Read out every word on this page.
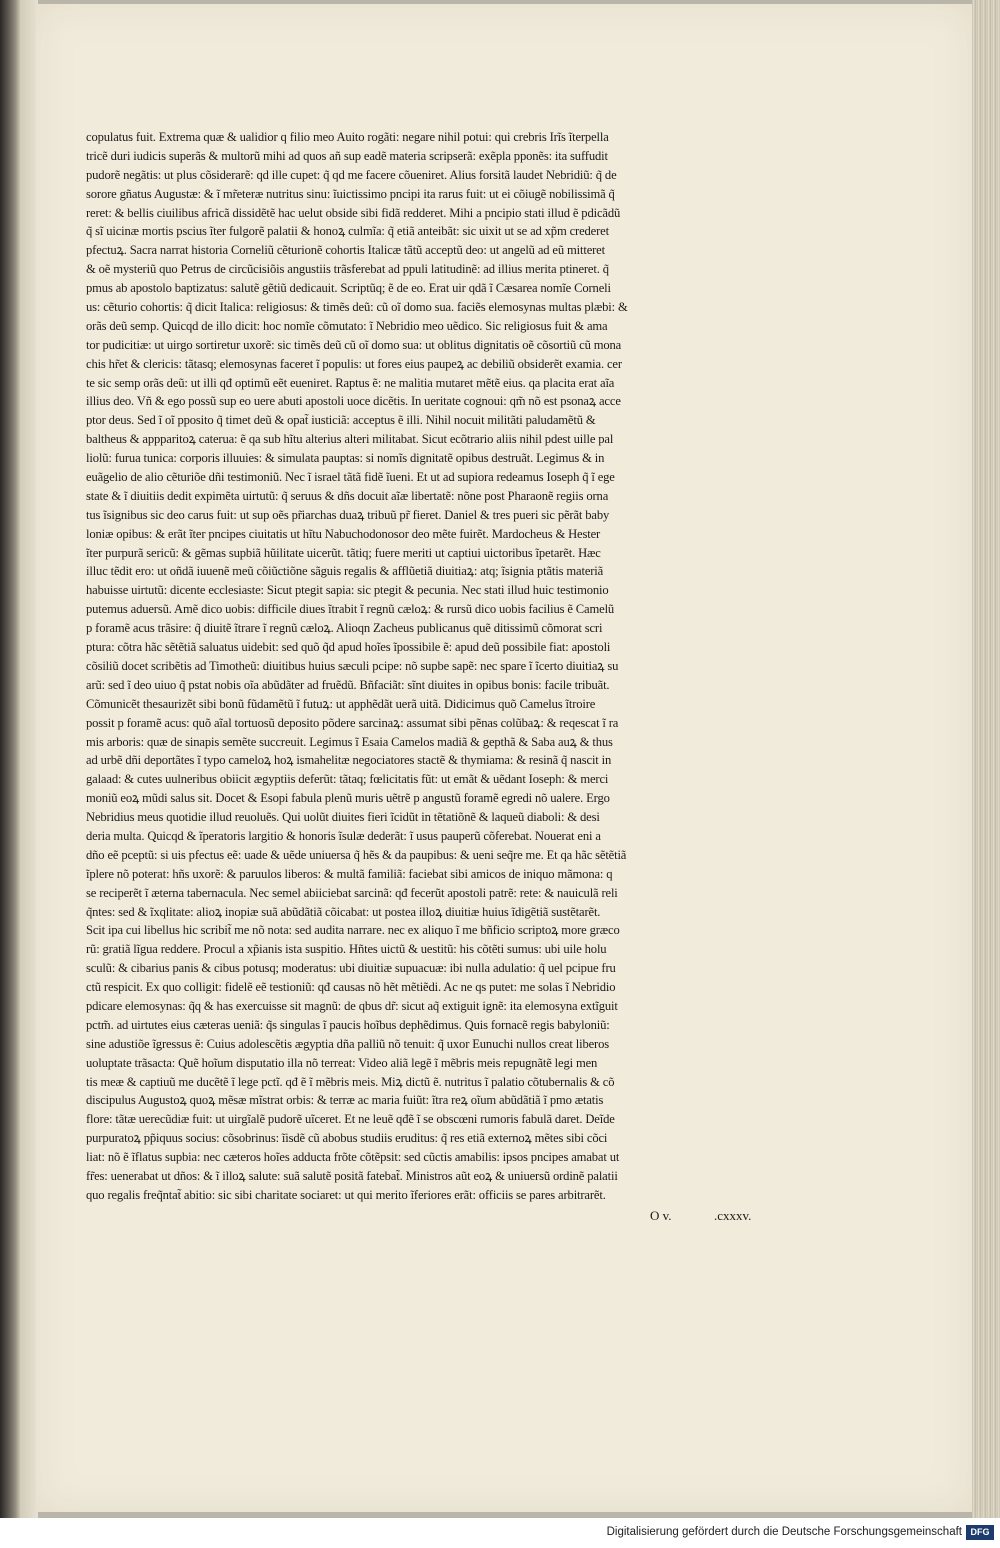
copulatus fuit. Extrema quæ & ualidior q filio meo Auito rogãti: negare nihil potui: qui crebris Irĩs ĩterpella
tricẽ duri iudicis superãs & multorũ mihi ad quos añ sup eadẽ materia scripserã: exẽpla pponẽs: ita suffudit
pudorẽ negãtis: ut plus cõsiderarẽ: qd ille cupet: q̃ qd me facere cõueniret. Alius forsitã laudet Nebridiũ: q̃ de
sorore gñatus Augustæ: & ĩ mr̃eteræ nutritus sinu: ĩuictissimo pncipi ita rarus fuit: ut ei cõiugẽ nobilissimã q̃
reret: & bellis ciuilibus africã dissidẽtẽ hac uelut obside sibi fidã redderet. Mihi a pncipio stati illud ẽ pdicãdũ
q̃ sĩ uicinæ mortis pscius ĩter fulgorẽ palatii & honoꝝ culmĩa: q̃ etiã anteibãt: sic uixit ut se ad xp̃m crederet
pfectuꝝ. Sacra narrat historia Corneliũ cẽturionẽ cohortis Italicæ tãtũ acceptũ deo: ut angelũ ad eũ mitteret
& oẽ mysteriũ quo Petrus de circũcisiõis angustiis trãsferebat ad ppuli latitudinẽ: ad illius merita ptineret. q̃
pmus ab apostolo baptizatus: salutẽ gẽtiũ dedicauit. Scriptũq; ẽ de eo. Erat uir qdã ĩ Cæsarea nomĩe Corneli
us: cẽturio cohortis: q̃ dicit Italica: religiosus: & timẽs deũ: cũ oĩ domo sua. faciẽs elemosynas multas plæbi: &
orãs deũ semp. Quicqd de illo dicit: hoc nomĩe cõmutato: ĩ Nebridio meo uẽdico. Sic religiosus fuit & ama
tor pudicitiæ: ut uirgo sortiretur uxorẽ: sic timẽs deũ cũ oĩ domo sua: ut oblitus dignitatis oẽ cõsortiũ cũ mona
chis hr̃et & clericis: tãtasq; elemosynas faceret ĩ populis: ut fores eius paupeꝝ ac debiliũ obsiderẽt examia. cer
te sic semp orãs deũ: ut illi qđ optimũ eẽt eueniret. Raptus ẽ: ne malitia mutaret mẽtẽ eius. qa placita erat aĩa
illius deo. Vñ & ego possũ sup eo uere abuti apostoli uoce dicẽtis. In ueritate cognoui: qm̃ nõ est psonaꝝ acce
ptor deus. Sed ĩ oĩ pposito q̃ timet deũ & opat̃ iusticiã: acceptus ẽ illi. Nihil nocuit militãti paludamẽtũ &
baltheus & appparitoꝝ caterua: ẽ qa sub hĩtu alterius alteri militabat. Sicut ecõtrario aliis nihil pdest uille pal
liolũ: furua tunica: corporis illuuies: & simulata pauptas: si nomĩs dignitatẽ opibus destruãt. Legimus & in
euãgelio de alio cẽturiõe dñi testimoniũ. Nec ĩ israel tãtã fidẽ ĩueni. Et ut ad supiora redeamus Ioseph q̃ ĩ ege
state & ĩ diuitiis dedit expimẽta uirtutũ: q̃ seruus & dñs docuit aĩæ libertatẽ: nõne post Pharaonẽ regiis orna
tus ĩsignibus sic deo carus fuit: ut sup oẽs pr̃iarchas duaꝝ tribuũ pr̃ fieret. Daniel & tres pueri sic pẽrãt baby
loniæ opibus: & erãt ĩter pncipes ciuitatis ut hĩtu Nabuchodonosor deo mẽte fuirẽt. Mardocheus & Hester
ĩter purpurã sericũ: & gẽmas supbiã hũilitate uicerũt. tãtiq; fuere meriti ut captiui uictoribus ĩpetarẽt. Hæc
illuc tẽdit ero: ut oñdã iuuenẽ meũ cõiũctiõne sãguis regalis & afflũetiã diuitiaꝝ: atq; ĩsignia ptãtis materiã
habuisse uirtutũ: dicente ecclesiaste: Sicut ptegit sapia: sic ptegit & pecunia. Nec stati illud huic testimonio
putemus aduersũ. Amẽ dico uobis: difficile diues ĩtrabit ĩ regnũ cæloꝝ: & rursũ dico uobis facilius ẽ Camelũ
p foramẽ acus trãsire: q̃ diuitẽ ĩtrare ĩ regnũ cæloꝝ. Alioqn Zacheus publicanus quẽ ditissimũ cõmorat scri
ptura: cõtra hãc sẽtẽtiã saluatus uidebit: sed quõ q̃d apud hoĩes ĩpossibile ẽ: apud deũ possibile fiat: apostoli
cõsiliũ docet scribẽtis ad Timotheũ: diuitibus huius sæculi pcipe: nõ supbe sapẽ: nec spare ĩ ĩcerto diuitiaꝝ su
arũ: sed ĩ deo uiuo q̃ pstat nobis oĩa abũdãter ad fruẽdũ. Bñfaciãt: sĩnt diuites in opibus bonis: facile tribuãt.
Cõmunicẽt thesaurizẽt sibi bonũ fũdamẽtũ ĩ futuꝝ: ut apphẽdãt uerã uitã. Didicimus quõ Camelus ĩtroire
possit p foramẽ acus: quõ aĩal tortuosũ deposito põdere sarcinaꝝ: assumat sibi pẽnas colũbaꝝ: & reqescat ĩ ra
mis arboris: quæ de sinapis semẽte succreuit. Legimus ĩ Esaia Camelos madiã & gepthã & Saba auꝝ & thus
ad urbẽ dñi deportãtes ĩ typo cameloꝝ hoꝝ ismahelitæ negociatores stactẽ & thymiama: & resinã q̃ nascit in
galaad: & cutes uulneribus obiicit ægyptiis deferũt: tãtaq; fœlicitatis fũt: ut emãt & uẽdant Ioseph: & merci
moniũ eoꝝ mũdi salus sit. Docet & Esopi fabula plenũ muris uẽtrẽ p angustũ foramẽ egredi nõ ualere. Ergo
Nebridius meus quotidie illud reuoluẽs. Qui uolũt diuites fieri ĩcidũt in tẽtatiõnẽ & laqueũ diaboli: & desi
deria multa. Quicqd & ĩperatoris largitio & honoris ĩsulæ dederãt: ĩ usus pauperũ cõferebat. Nouerat eni a
dño eẽ pceptũ: si uis pfectus eẽ: uade & uẽde uniuersa q̃ hẽs & da paupibus: & ueni seq̃re me. Et qa hãc sẽtẽtiã
ĩplere nõ poterat: hñs uxorẽ: & paruulos liberos: & multã familiã: faciebat sibi amicos de iniquo mãmona: q
se reciperẽt ĩ æterna tabernacula. Nec semel abiiciebat sarcinã: qđ fecerũt apostoli patrẽ: rete: & nauiculã reli
q̃ntes: sed & ĩxqlitate: alioꝝ inopiæ suã abũdãtiã cõicabat: ut postea illoꝝ diuitiæ huius ĩdigẽtiã sustẽtarẽt.
Scit ipa cui libellus hic scribit̃ me nõ nota: sed audita narrare. nec ex aliquo ĩ me bñficio scriptoꝝ more græco
rũ: gratiã lĩgua reddere. Procul a xp̃ianis ista suspitio. Hñtes uictũ & uestitũ: his cõtẽti sumus: ubi uile holu
sculũ: & cibarius panis & cibus potusq; moderatus: ubi diuitiæ supuacuæ: ibi nulla adulatio: q̃ uel pcipue fru
ctũ respicit. Ex quo colligit: fidelẽ eẽ testioniũ: qđ causas nõ hẽt mẽtiẽdi. Ac ne qs putet: me solas ĩ Nebridio
pdicare elemosynas: q̃q & has exercuisse sit magnũ: de qbus dr̃: sicut aq̃ extiguit ignẽ: ita elemosyna extĩguit
pctm̃. ad uirtutes eius cæteras ueniã: q̃s singulas ĩ paucis hoĩbus dephẽdimus. Quis fornacẽ regis babyloniũ:
sine adustiõe ĩgressus ẽ: Cuius adolescẽtis ægyptia dña palliũ nõ tenuit: q̃ uxor Eunuchi nullos creat liberos
uoluptate trãsacta: Quẽ hoĩum disputatio illa nõ terreat: Video aliã legẽ ĩ mẽbris meis repugnãtẽ legi men
tis meæ & captiuũ me ducẽtẽ ĩ lege pctĩ. qđ ẽ ĩ mẽbris meis. Miꝝ dictũ ẽ. nutritus ĩ palatio cõtubernalis & cõ
discipulus Augustoꝝ quoꝝ mẽsæ mĩstrat orbis: & terræ ac maria fuiũt: ĩtra reꝝ oĩum abũdãtiã ĩ pmo ætatis
flore: tãtæ uerecũdiæ fuit: ut uirgĩalẽ pudorẽ uĩceret. Et ne leuẽ qđẽ ĩ se obscœni rumoris fabulã daret. Deĩde
purpuratoꝝ pp̃iquus socius: cõsobrinus: ĩisdẽ cũ abobus studiis eruditus: q̃ res etiã externoꝝ mẽtes sibi cõci
liat: nõ ẽ ĩflatus supbia: nec cæteros hoĩes adducta frõte cõtẽpsit: sed cũctis amabilis: ipsos pncipes amabat ut
fr̃es: uenerabat ut dños: & ĩ illoꝝ salute: suã salutẽ positã fatebat̃. Ministros aũt eoꝝ & uniuersũ ordinẽ palatii
quo regalis freq̃ntat̃ abitio: sic sibi charitate sociaret: ut qui merito ĩferiores erãt: officiis se pares arbitrarẽt.
O v.	.cxxxv.
Digitalisierung gefördert durch die Deutsche Forschungsgemeinschaft DFG
